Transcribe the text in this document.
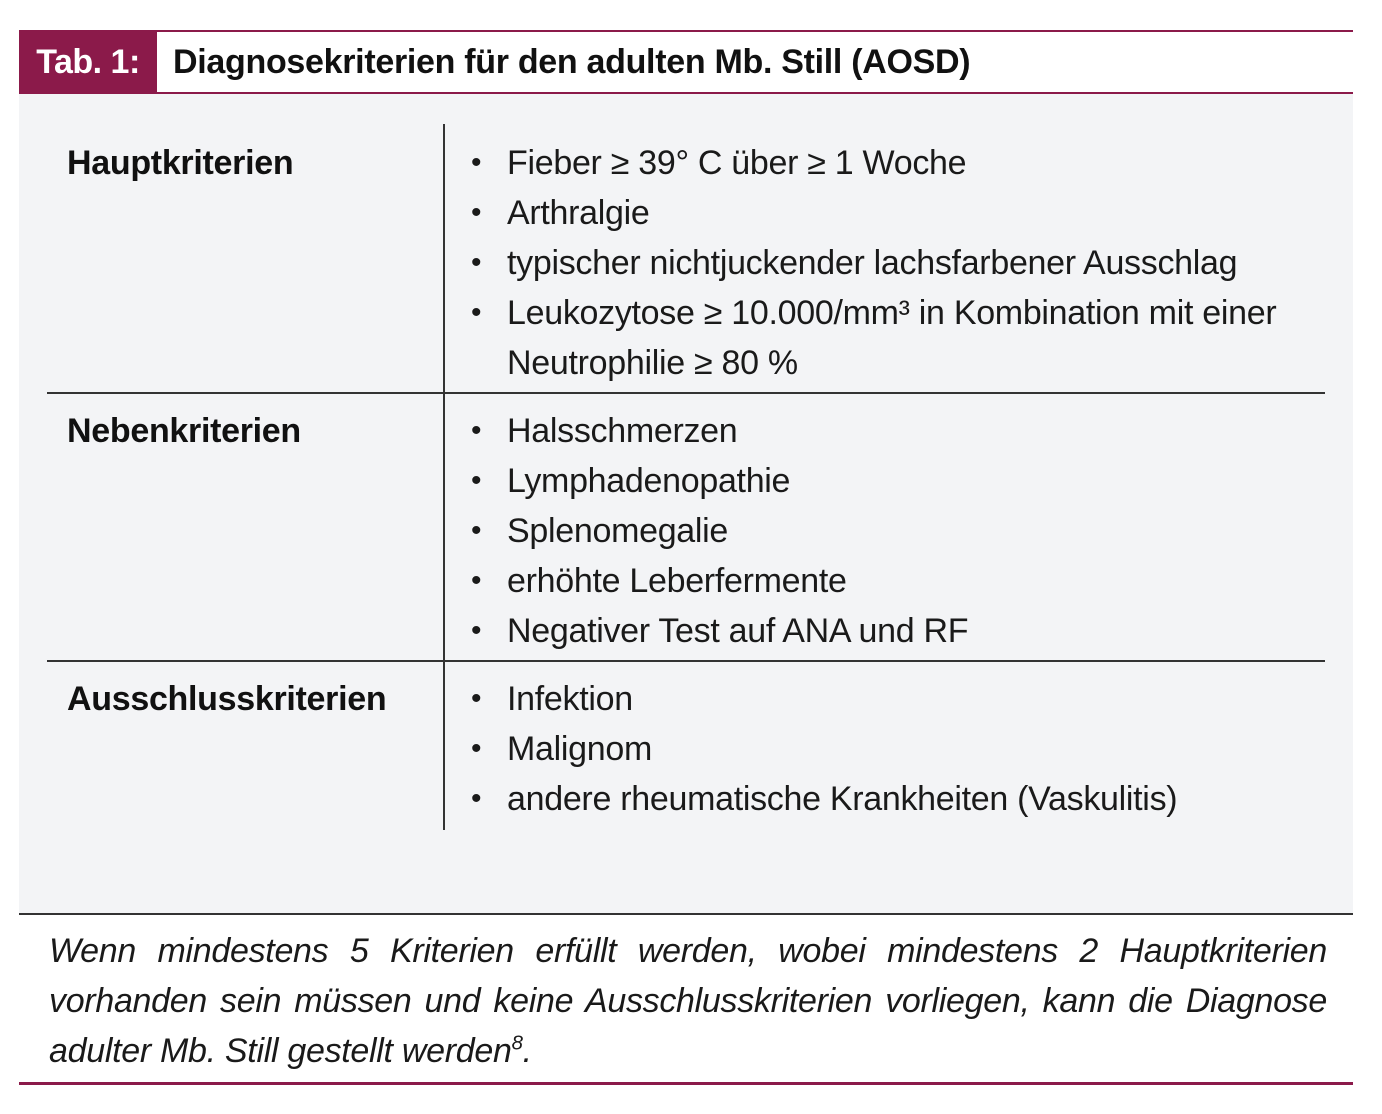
Tab. 1: Diagnosekriterien für den adulten Mb. Still (AOSD)
Hauptkriterien	• Fieber ≥ 39° C über ≥ 1 Woche
• Arthralgie
• typischer nichtjuckender lachsfarbener Ausschlag
• Leukozytose ≥ 10.000/mm³ in Kombination mit einer Neutrophilie ≥ 80 %
Nebenkriterien	• Halsschmerzen
• Lymphadenopathie
• Splenomegalie
• erhöhte Leberfermente
• Negativer Test auf ANA und RF
Ausschlusskriterien	• Infektion
• Malignom
• andere rheumatische Krankheiten (Vaskulitis)
Wenn mindestens 5 Kriterien erfüllt werden, wobei mindestens 2 Hauptkriterien vorhanden sein müssen und keine Ausschlusskriterien vorliegen, kann die Diagnose adulter Mb. Still gestellt werden$^8$.
